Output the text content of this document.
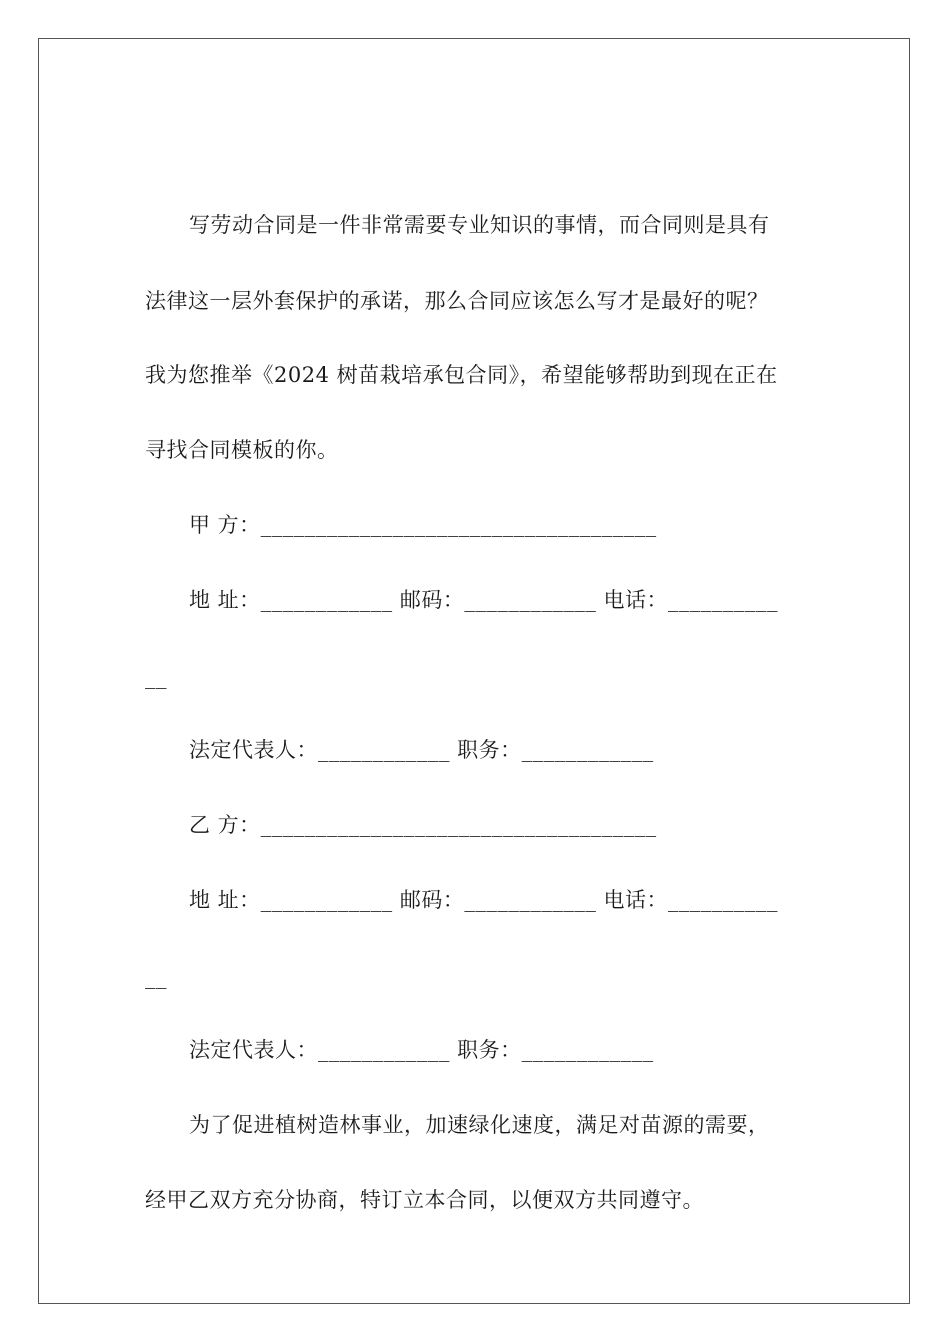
写劳动合同是一件非常需要专业知识的事情，而合同则是具有
法律这一层外套保护的承诺，那么合同应该怎么写才是最好的呢？
我为您推举《2024 树苗栽培承包合同》，希望能够帮助到现在正在
寻找合同模板的你。
甲 方：____________________________________
地 址：____________ 邮码：____________ 电话：__________
__
法定代表人：____________ 职务：____________
乙 方：____________________________________
地 址：____________ 邮码：____________ 电话：__________
__
法定代表人：____________ 职务：____________
为了促进植树造林事业，加速绿化速度，满足对苗源的需要，
经甲乙双方充分协商，特订立本合同，以便双方共同遵守。
